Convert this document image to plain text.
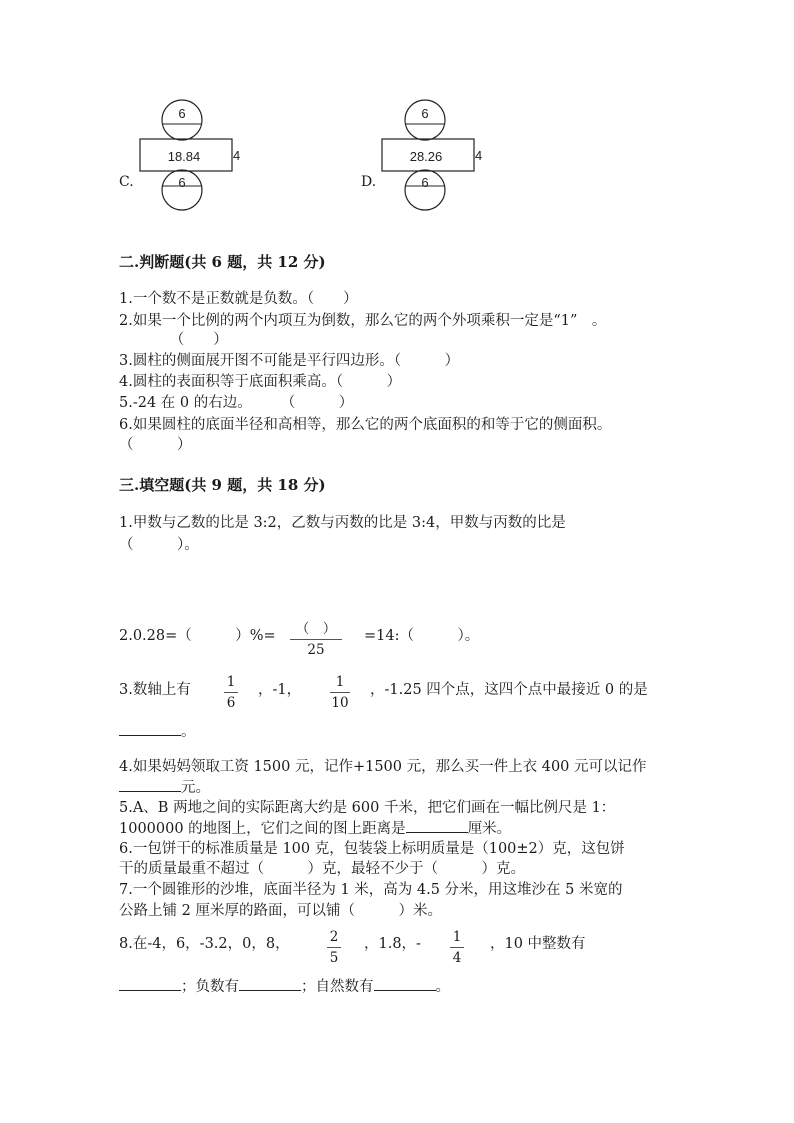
6
18.84	4
6
C.
6
28.26	4
6
D.
二.判断题(共 6 题，共 12 分)
1.一个数不是正数就是负数。（　　）
2.如果一个比例的两个内项互为倒数，那么它的两个外项乘积一定是“1”　。
　　　　（　　）
3.圆柱的侧面展开图不可能是平行四边形。（　　　）
4.圆柱的表面积等于底面积乘高。（　　　）
5.-24 在 0 的右边。　　　（　　　）
6.如果圆柱的底面半径和高相等，那么它的两个底面积的和等于它的侧面积。
（　　　）
三.填空题(共 9 题，共 18 分)
1.甲数与乙数的比是 3:2，乙数与丙数的比是 3:4，甲数与丙数的比是
（　　　）。
2.0.28=（　　　）%=	（　）
25
=14:（　　　）。
3.数轴上有	1
6
，-1，	1
10
，-1.25 四个点，这四个点中最接近 0 的是
。
4.如果妈妈领取工资 1500 元，记作+1500 元，那么买一件上衣 400 元可以记作
元。
5.A、B 两地之间的实际距离大约是 600 千米，把它们画在一幅比例尺是 1：
1000000 的地图上，它们之间的图上距离是	厘米。
6.一包饼干的标准质量是 100 克，包装袋上标明质量是（100±2）克，这包饼
干的质量最重不超过（　　　）克，最轻不少于（　　　）克。
7.一个圆锥形的沙堆，底面半径为 1 米，高为 4.5 分米，用这堆沙在 5 米宽的
公路上铺 2 厘米厚的路面，可以铺（　　　）米。
8.在-4，6，-3.2，0，8，	2
5
，1.8，-	1
4
，10 中整数有
；负数有	；自然数有	。
